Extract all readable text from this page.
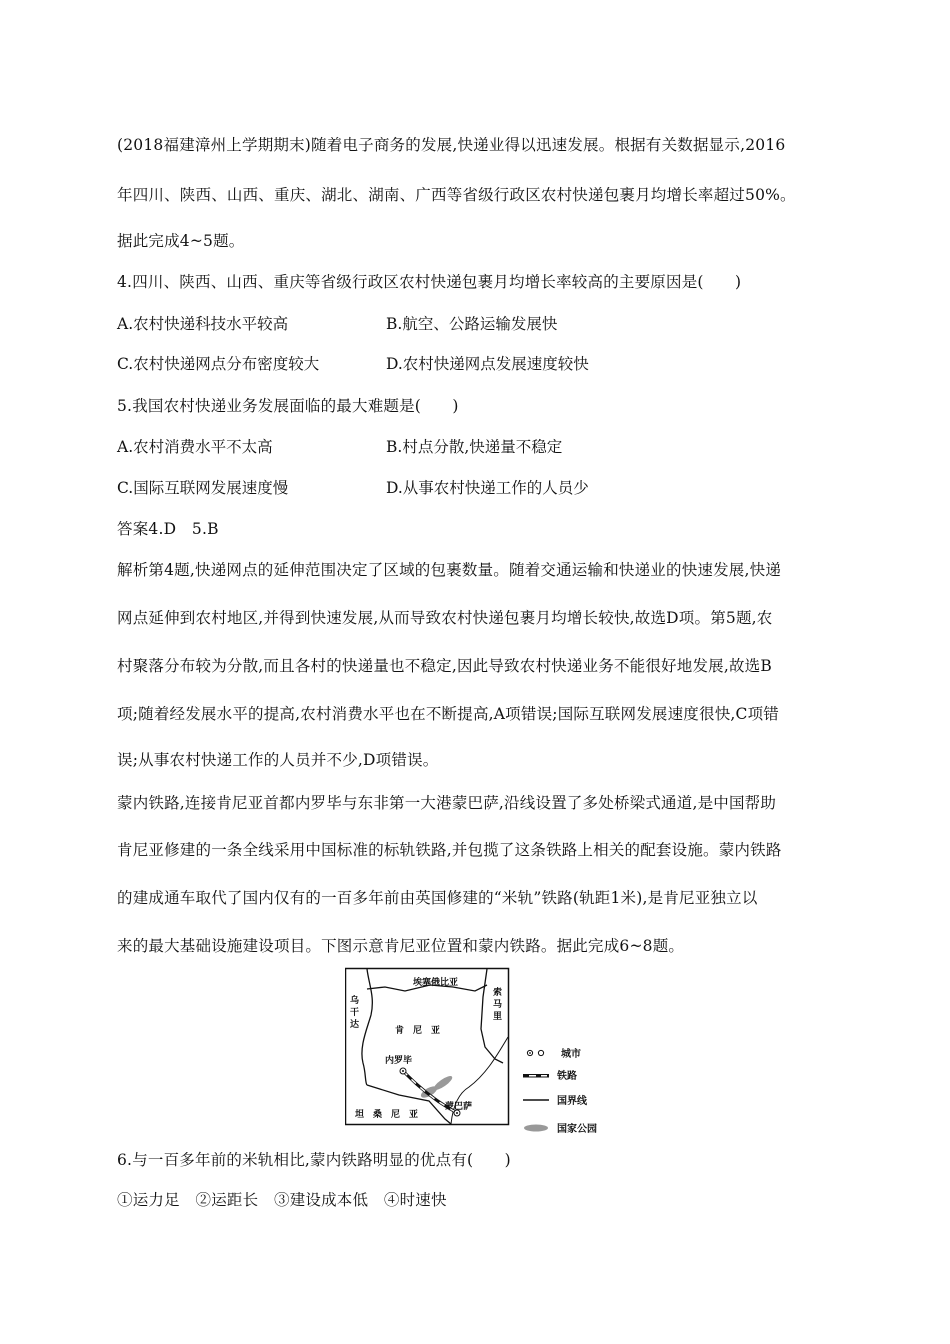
(2018福建漳州上学期期末)随着电子商务的发展,快递业得以迅速发展。根据有关数据显示,2016
年四川、陕西、山西、重庆、湖北、湖南、广西等省级行政区农村快递包裹月均增长率超过50%。
据此完成4~5题。
4.四川、陕西、山西、重庆等省级行政区农村快递包裹月均增长率较高的主要原因是(　　)
A.农村快递科技水平较高	B.航空、公路运输发展快
C.农村快递网点分布密度较大	D.农村快递网点发展速度较快
5.我国农村快递业务发展面临的最大难题是(　　)
A.农村消费水平不太高	B.村点分散,快递量不稳定
C.国际互联网发展速度慢	D.从事农村快递工作的人员少
答案4.D　5.B
解析第4题,快递网点的延伸范围决定了区域的包裹数量。随着交通运输和快递业的快速发展,快递
网点延伸到农村地区,并得到快速发展,从而导致农村快递包裹月均增长较快,故选D项。第5题,农
村聚落分布较为分散,而且各村的快递量也不稳定,因此导致农村快递业务不能很好地发展,故选B
项;随着经发展水平的提高,农村消费水平也在不断提高,A项错误;国际互联网发展速度很快,C项错
误;从事农村快递工作的人员并不少,D项错误。
蒙内铁路,连接肯尼亚首都内罗毕与东非第一大港蒙巴萨,沿线设置了多处桥梁式通道,是中国帮助
肯尼亚修建的一条全线采用中国标准的标轨铁路,并包揽了这条铁路上相关的配套设施。蒙内铁路
的建成通车取代了国内仅有的一百多年前由英国修建的“米轨”铁路(轨距1米),是肯尼亚独立以
来的最大基础设施建设项目。下图示意肯尼亚位置和蒙内铁路。据此完成6~8题。
乌
干
达
埃塞俄比亚
索
马
里
肯　尼　亚
内罗毕
蒙巴萨
坦　桑　尼　亚
城市
铁路
国界线
国家公园
6.与一百多年前的米轨相比,蒙内铁路明显的优点有(　　)
①运力足　②运距长　③建设成本低　④时速快
